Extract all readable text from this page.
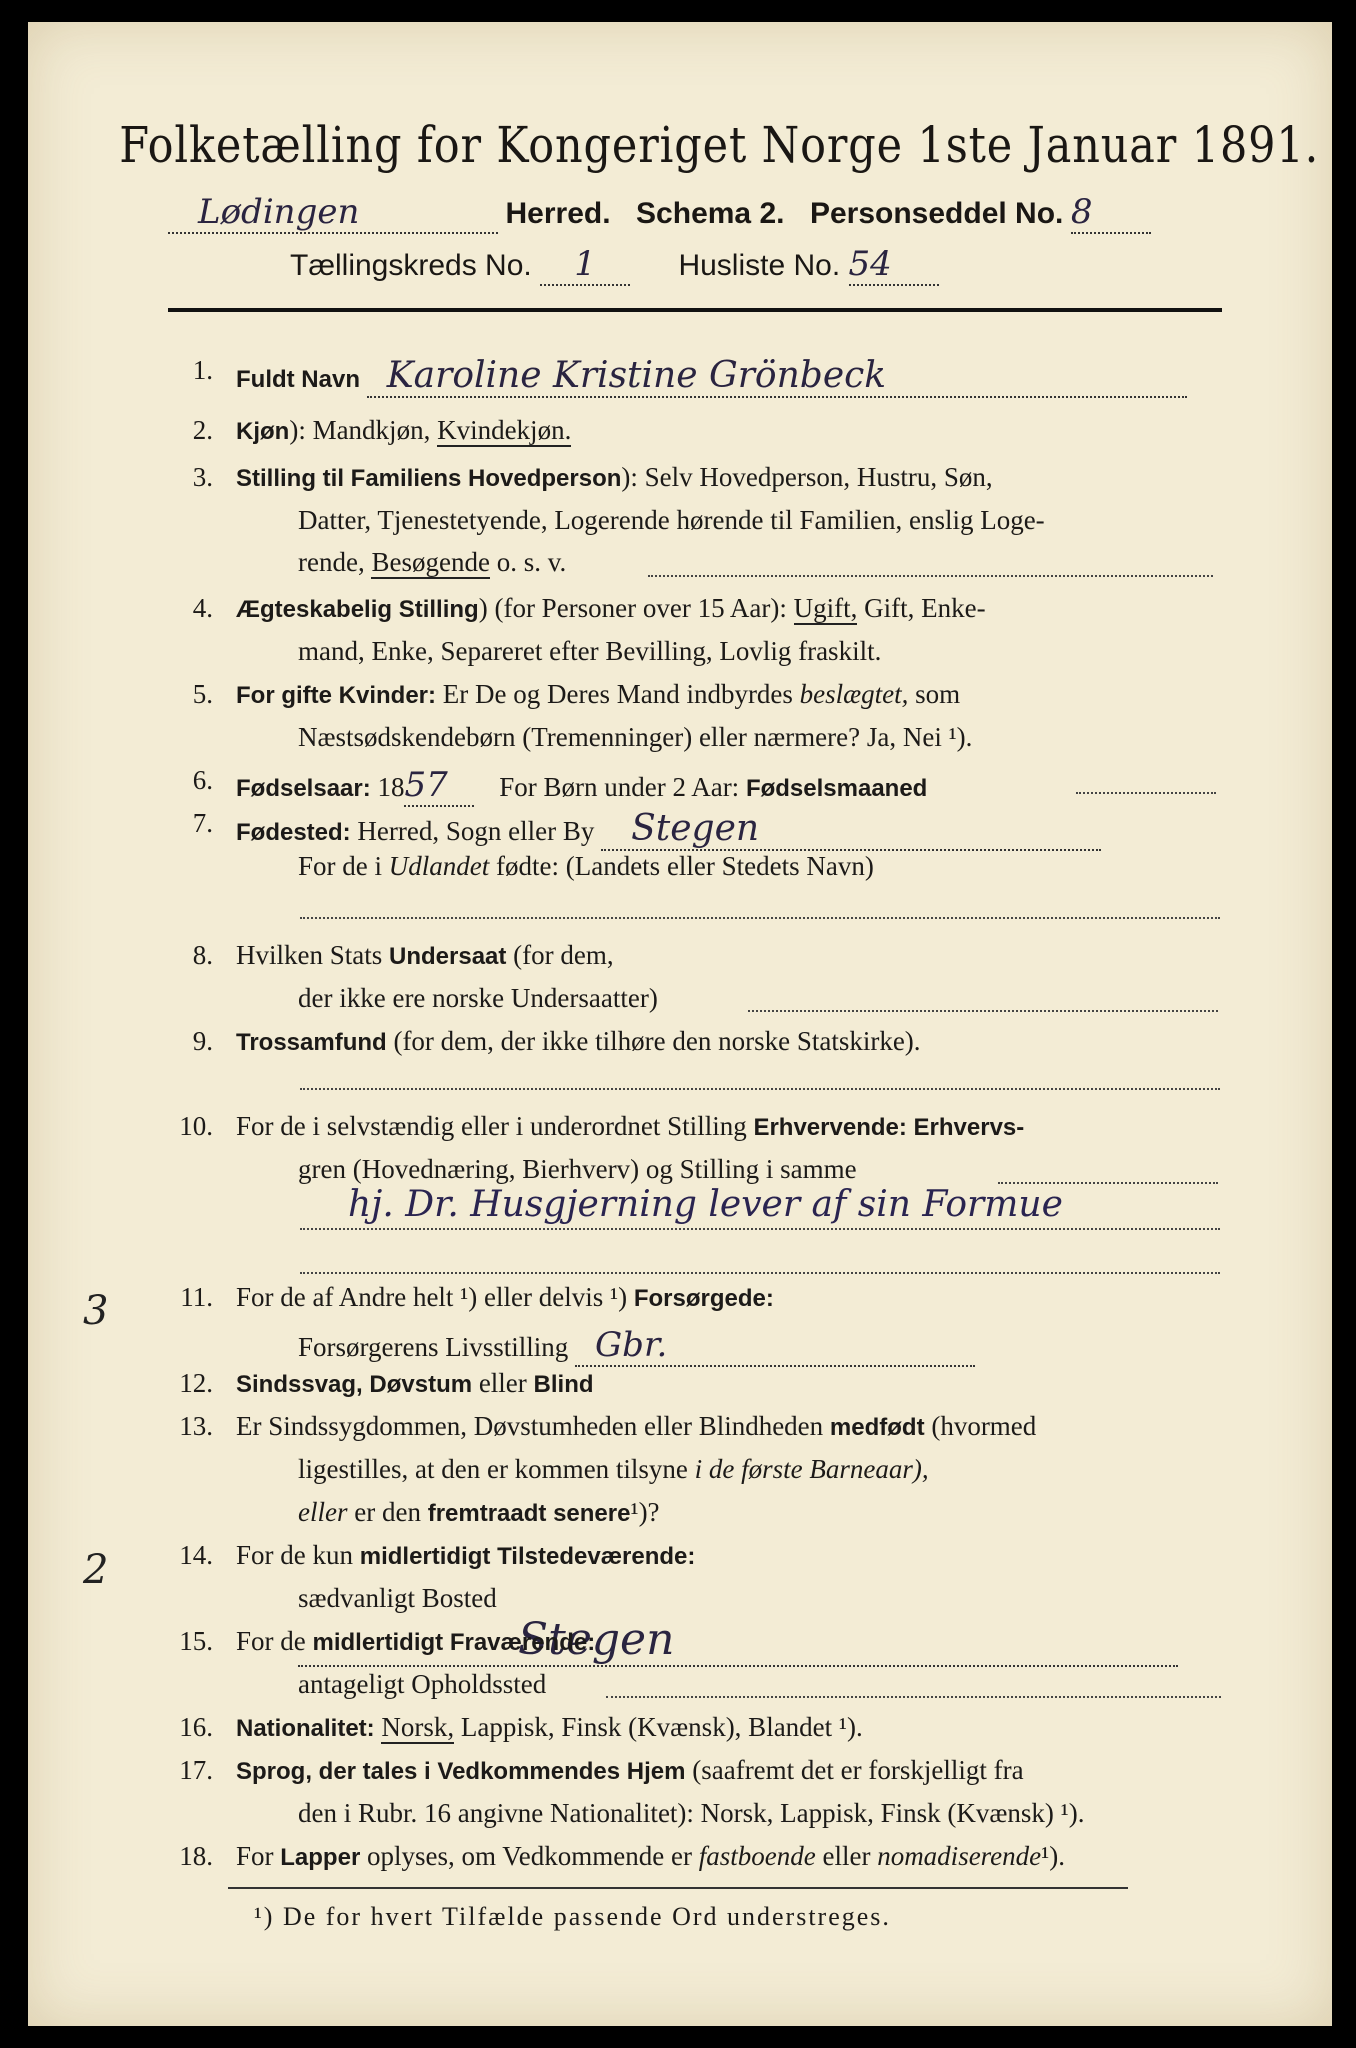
Folketælling for Kongeriget Norge 1ste Januar 1891.
Lødingen	Herred. Schema 2. Personseddel No. 8
Tællingskreds No. 1	Husliste No. 54
1. Fuldt Navn Karoline Kristine Grönbeck
2. Kjøn): Mandkjøn, Kvindekjøn.
3. Stilling til Familiens Hovedperson): Selv Hovedperson, Hustru, Søn,
Datter, Tjenestetyende, Logerende hørende til Familien, enslig Loge-
rende, Besøgende o. s. v.
4. Ægteskabelig Stilling) (for Personer over 15 Aar): Ugift, Gift, Enke-
mand, Enke, Separeret efter Bevilling, Lovlig fraskilt.
5. For gifte Kvinder: Er De og Deres Mand indbyrdes beslægtet, som
Næstsødskendebørn (Tremenninger) eller nærmere? Ja, Nei ¹).
6. Fødselsaar: 1857 For Børn under 2 Aar: Fødselsmaaned
7. Fødested: Herred, Sogn eller By Stegen
For de i Udlandet fødte: (Landets eller Stedets Navn)
8. Hvilken Stats Undersaat (for dem,
der ikke ere norske Undersaatter)
9. Trossamfund (for dem, der ikke tilhøre den norske Statskirke).
10. For de i selvstændig eller i underordnet Stilling Erhvervende: Erhvervs-
gren (Hovednæring, Bierhverv) og Stilling i samme
hj. Dr. Husgjerning lever af sin Formue
11. For de af Andre helt ¹) eller delvis ¹) Forsørgede:
Forsørgerens Livsstilling Gbr.
12. Sindssvag, Døvstum eller Blind
13. Er Sindssygdommen, Døvstumheden eller Blindheden medfødt (hvormed
ligestilles, at den er kommen tilsyne i de første Barneaar),
eller er den fremtraadt senere¹)?
14. For de kun midlertidigt Tilstedeværende:
sædvanligt Bosted Stegen
15. For de midlertidigt Fraværende:
antageligt Opholdssted
16. Nationalitet: Norsk, Lappisk, Finsk (Kvænsk), Blandet ¹).
17. Sprog, der tales i Vedkommendes Hjem (saafremt det er forskjelligt fra
den i Rubr. 16 angivne Nationalitet): Norsk, Lappisk, Finsk (Kvænsk) ¹).
18. For Lapper oplyses, om Vedkommende er fastboende eller nomadiserende¹).
¹) De for hvert Tilfælde passende Ord understreges.
3
2
